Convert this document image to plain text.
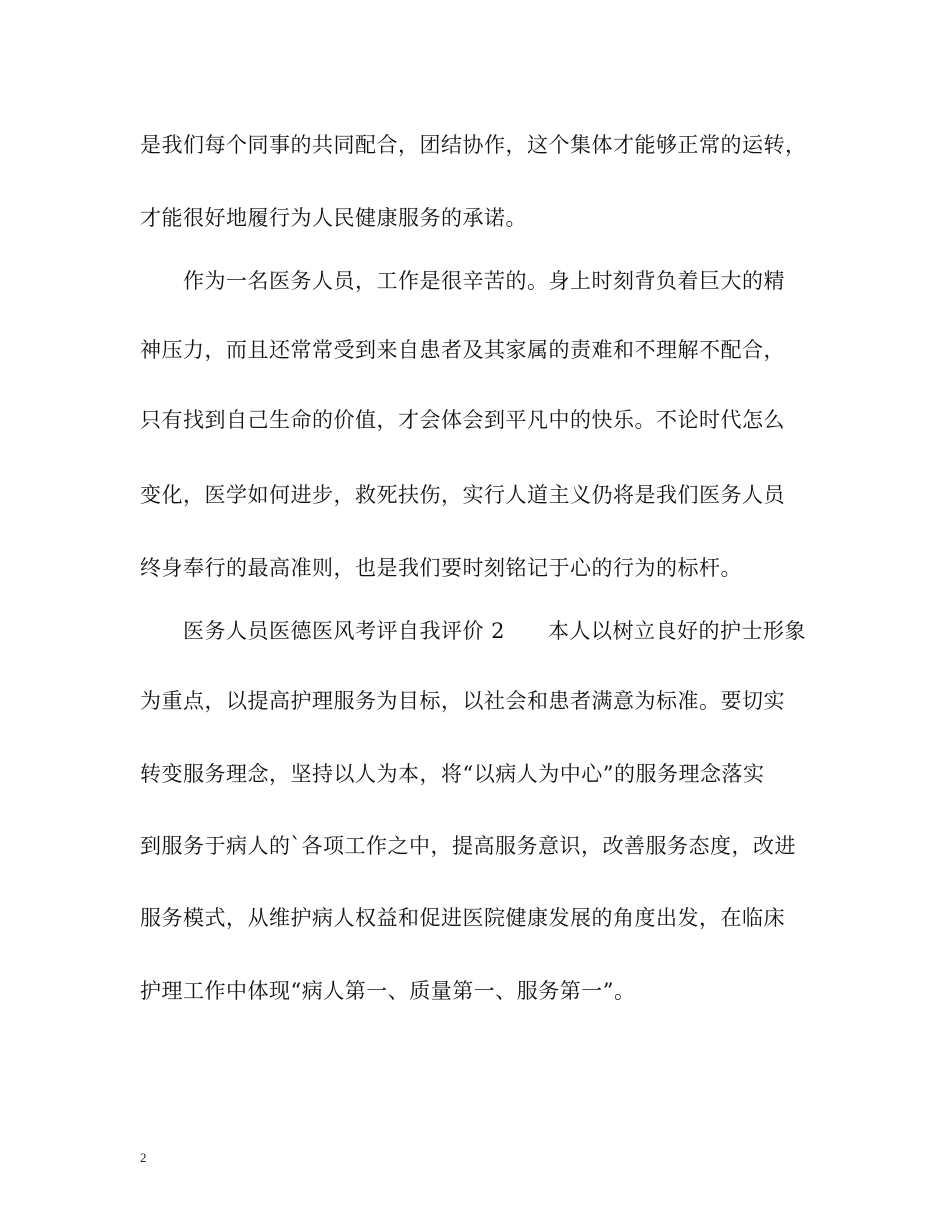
是我们每个同事的共同配合，团结协作，这个集体才能够正常的运转，
才能很好地履行为人民健康服务的承诺。
作为一名医务人员，工作是很辛苦的。身上时刻背负着巨大的精
神压力，而且还常常受到来自患者及其家属的责难和不理解不配合，
只有找到自己生命的价值，才会体会到平凡中的快乐。不论时代怎么
变化，医学如何进步，救死扶伤，实行人道主义仍将是我们医务人员
终身奉行的最高准则，也是我们要时刻铭记于心的行为的标杆。
医务人员医德医风考评自我评价 2　　本人以树立良好的护士形象
为重点，以提高护理服务为目标，以社会和患者满意为标准。要切实
转变服务理念，坚持以人为本，将“以病人为中心”的服务理念落实
到服务于病人的`各项工作之中，提高服务意识，改善服务态度，改进
服务模式，从维护病人权益和促进医院健康发展的角度出发，在临床
护理工作中体现“病人第一、质量第一、服务第一”。
2
